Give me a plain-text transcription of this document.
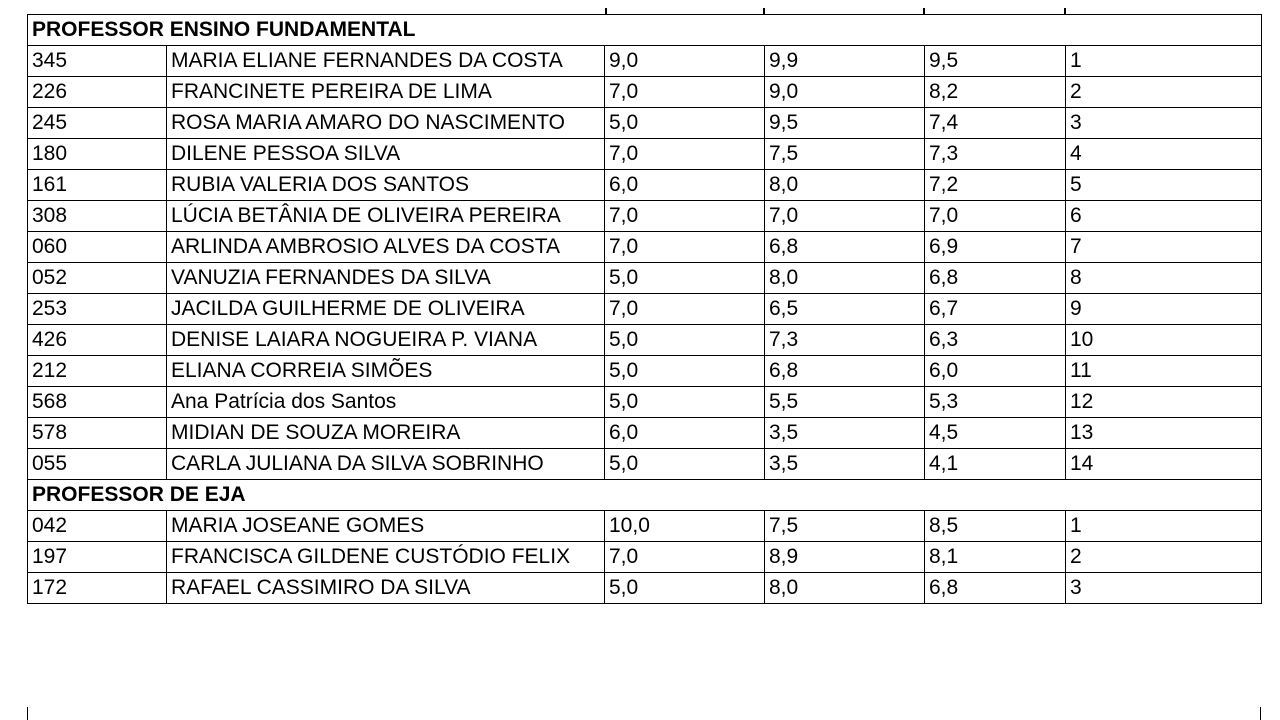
PROFESSOR ENSINO FUNDAMENTAL					
345	MARIA ELIANE FERNANDES DA COSTA	9,0	9,9	9,5	1
226	FRANCINETE PEREIRA DE LIMA	7,0	9,0	8,2	2
245	ROSA MARIA AMARO DO NASCIMENTO	5,0	9,5	7,4	3
180	DILENE PESSOA SILVA	7,0	7,5	7,3	4
161	RUBIA VALERIA DOS SANTOS	6,0	8,0	7,2	5
308	LÚCIA BETÂNIA DE OLIVEIRA PEREIRA	7,0	7,0	7,0	6
060	ARLINDA AMBROSIO ALVES DA COSTA	7,0	6,8	6,9	7
052	VANUZIA FERNANDES DA SILVA	5,0	8,0	6,8	8
253	JACILDA GUILHERME DE OLIVEIRA	7,0	6,5	6,7	9
426	DENISE LAIARA NOGUEIRA P. VIANA	5,0	7,3	6,3	10
212	ELIANA CORREIA SIMÕES	5,0	6,8	6,0	11
568	Ana Patrícia dos Santos	5,0	5,5	5,3	12
578	MIDIAN DE SOUZA MOREIRA	6,0	3,5	4,5	13
055	CARLA JULIANA DA SILVA SOBRINHO	5,0	3,5	4,1	14
PROFESSOR DE EJA					
042	MARIA JOSEANE GOMES	10,0	7,5	8,5	1
197	FRANCISCA GILDENE CUSTÓDIO FELIX	7,0	8,9	8,1	2
172	RAFAEL CASSIMIRO DA SILVA	5,0	8,0	6,8	3
